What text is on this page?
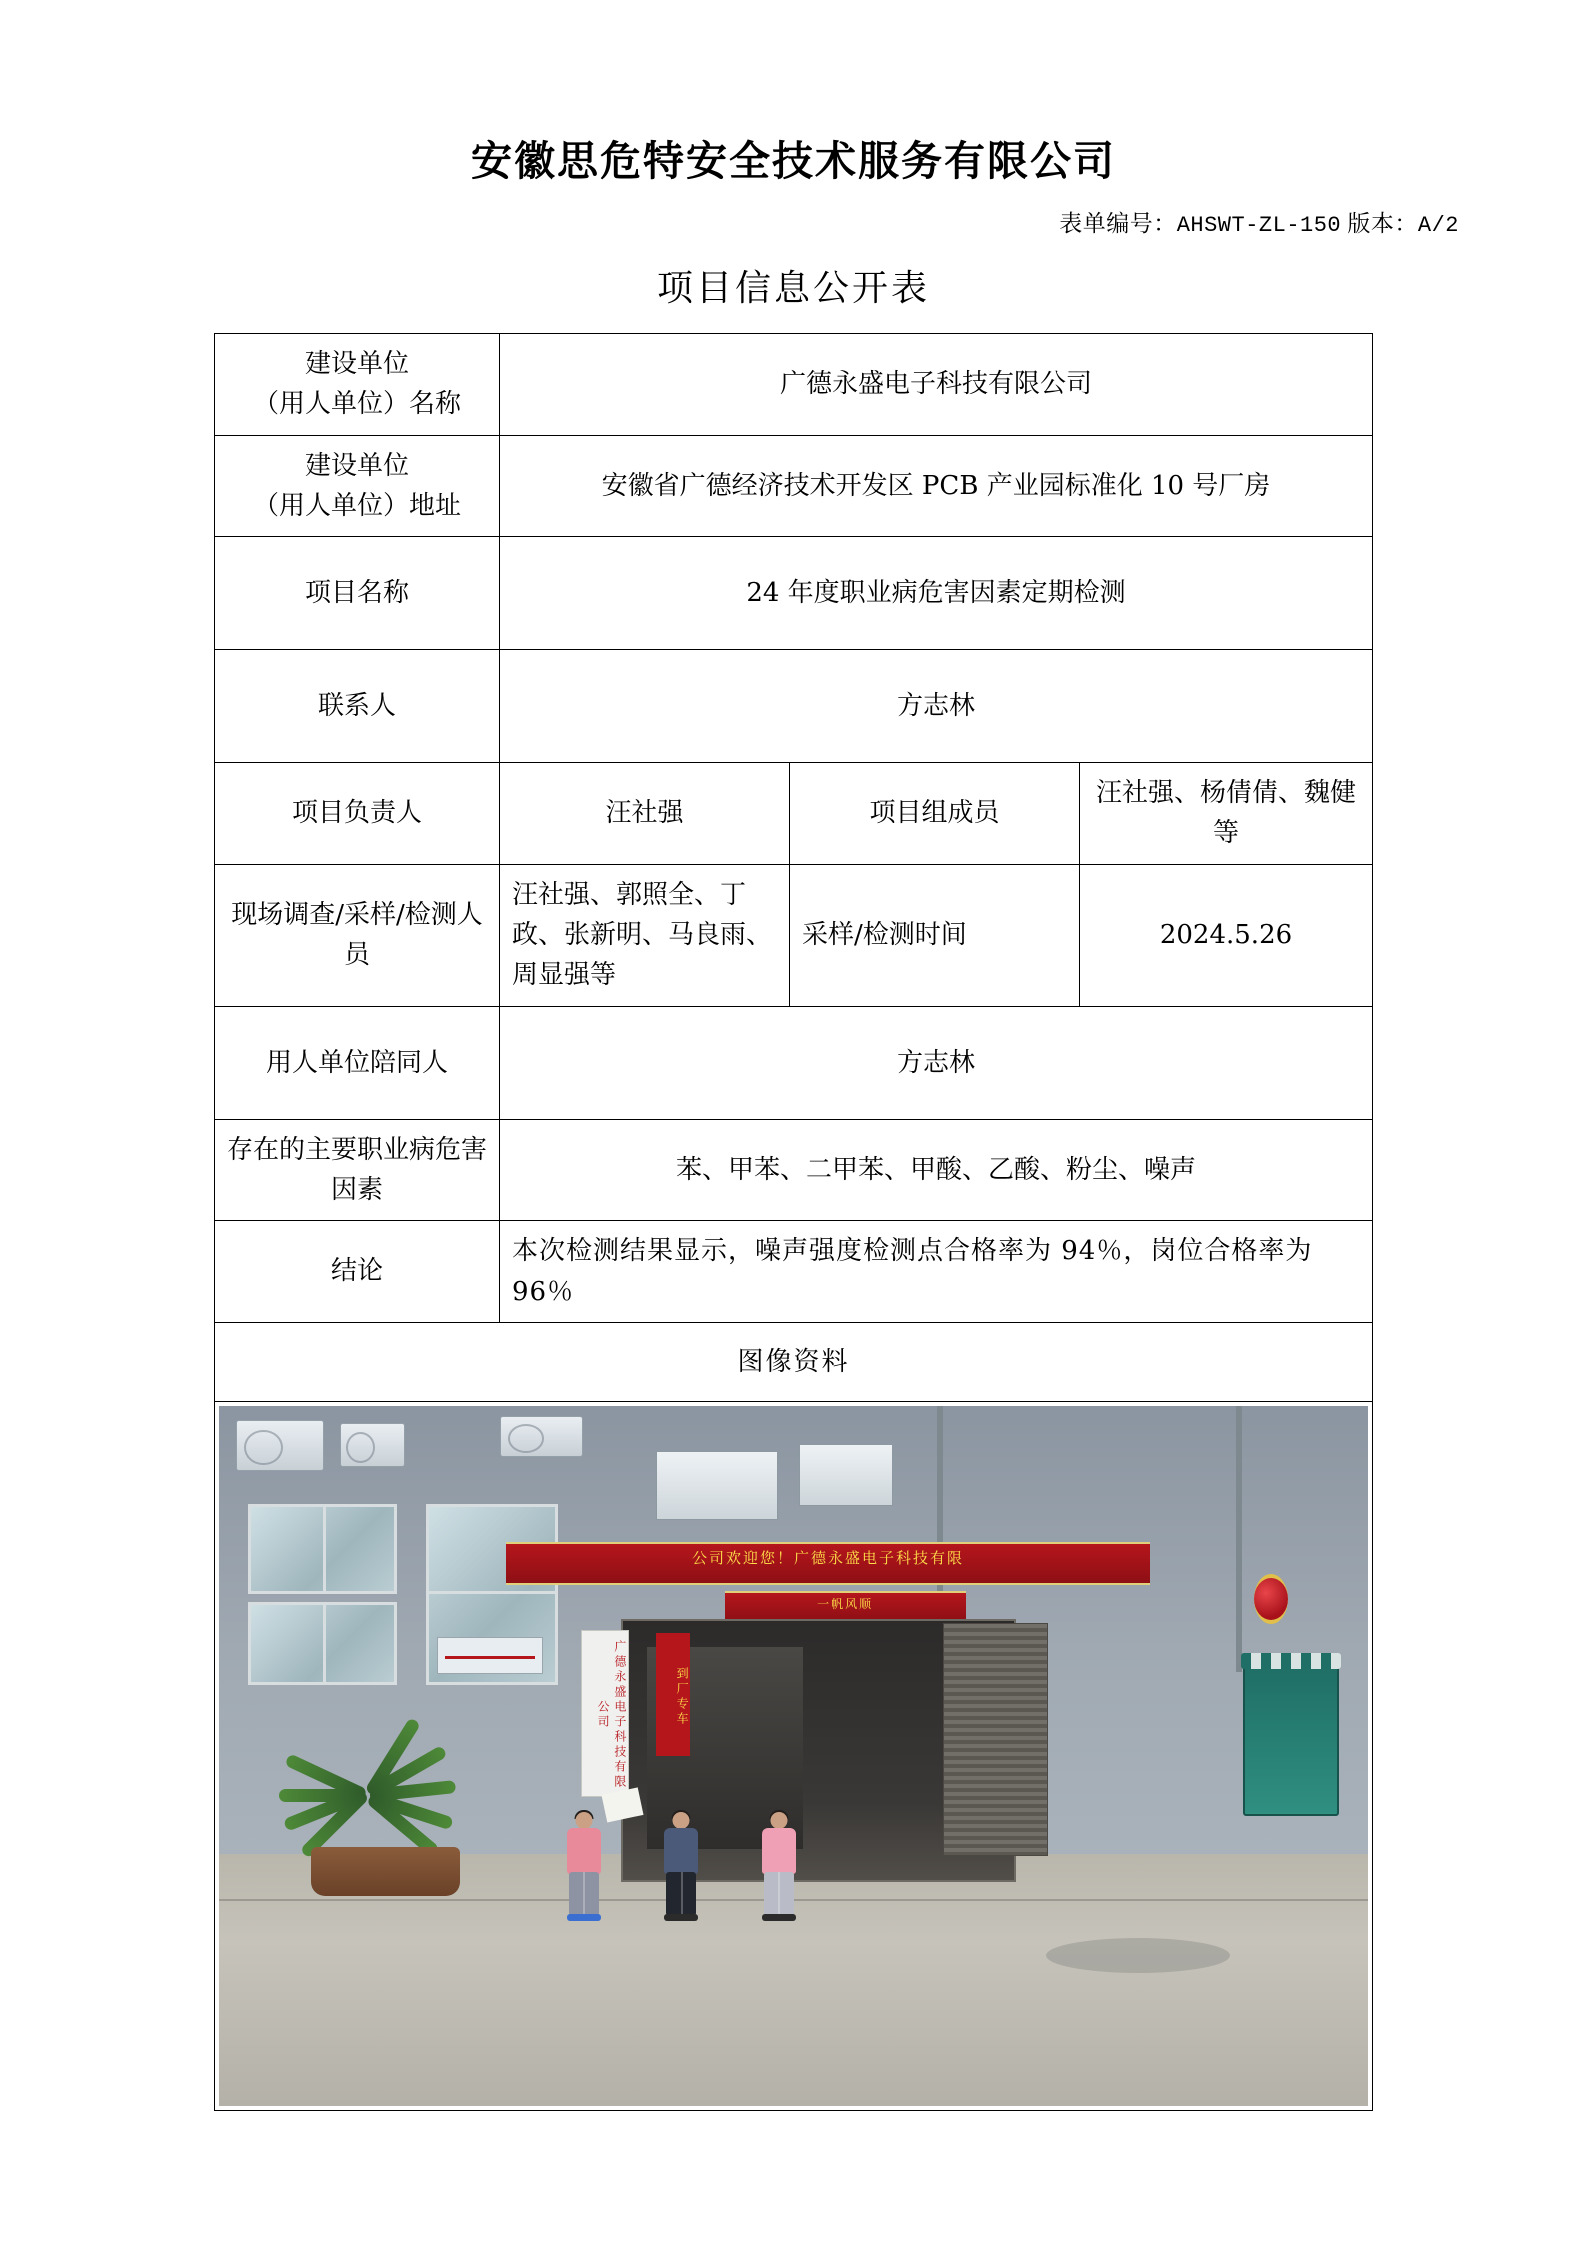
安徽思危特安全技术服务有限公司
表单编号：AHSWT-ZL-150 版本：A/2
项目信息公开表
建设单位
（用人单位）名称	广德永盛电子科技有限公司		

建设单位
（用人单位）地址	安徽省广德经济技术开发区 PCB 产业园标准化 10 号厂房		
项目名称	24 年度职业病危害因素定期检测		
联系人	方志林		
项目负责人	汪社强	项目组成员	汪社强、杨倩倩、魏健等
现场调查/采样/检测人员	汪社强、郭照全、丁政、张新明、马良雨、周显强等	采样/检测时间	2024.5.26
用人单位陪同人	方志林		
存在的主要职业病危害因素	苯、甲苯、二甲苯、甲酸、乙酸、粉尘、噪声		
结论	本次检测结果显示，噪声强度检测点合格率为 94％，岗位合格率为 96％		
图像资料			

公司欢迎您！广德永盛电子科技有限
一帆风顺
广德永盛电子科技有限公司 到厂专车			
